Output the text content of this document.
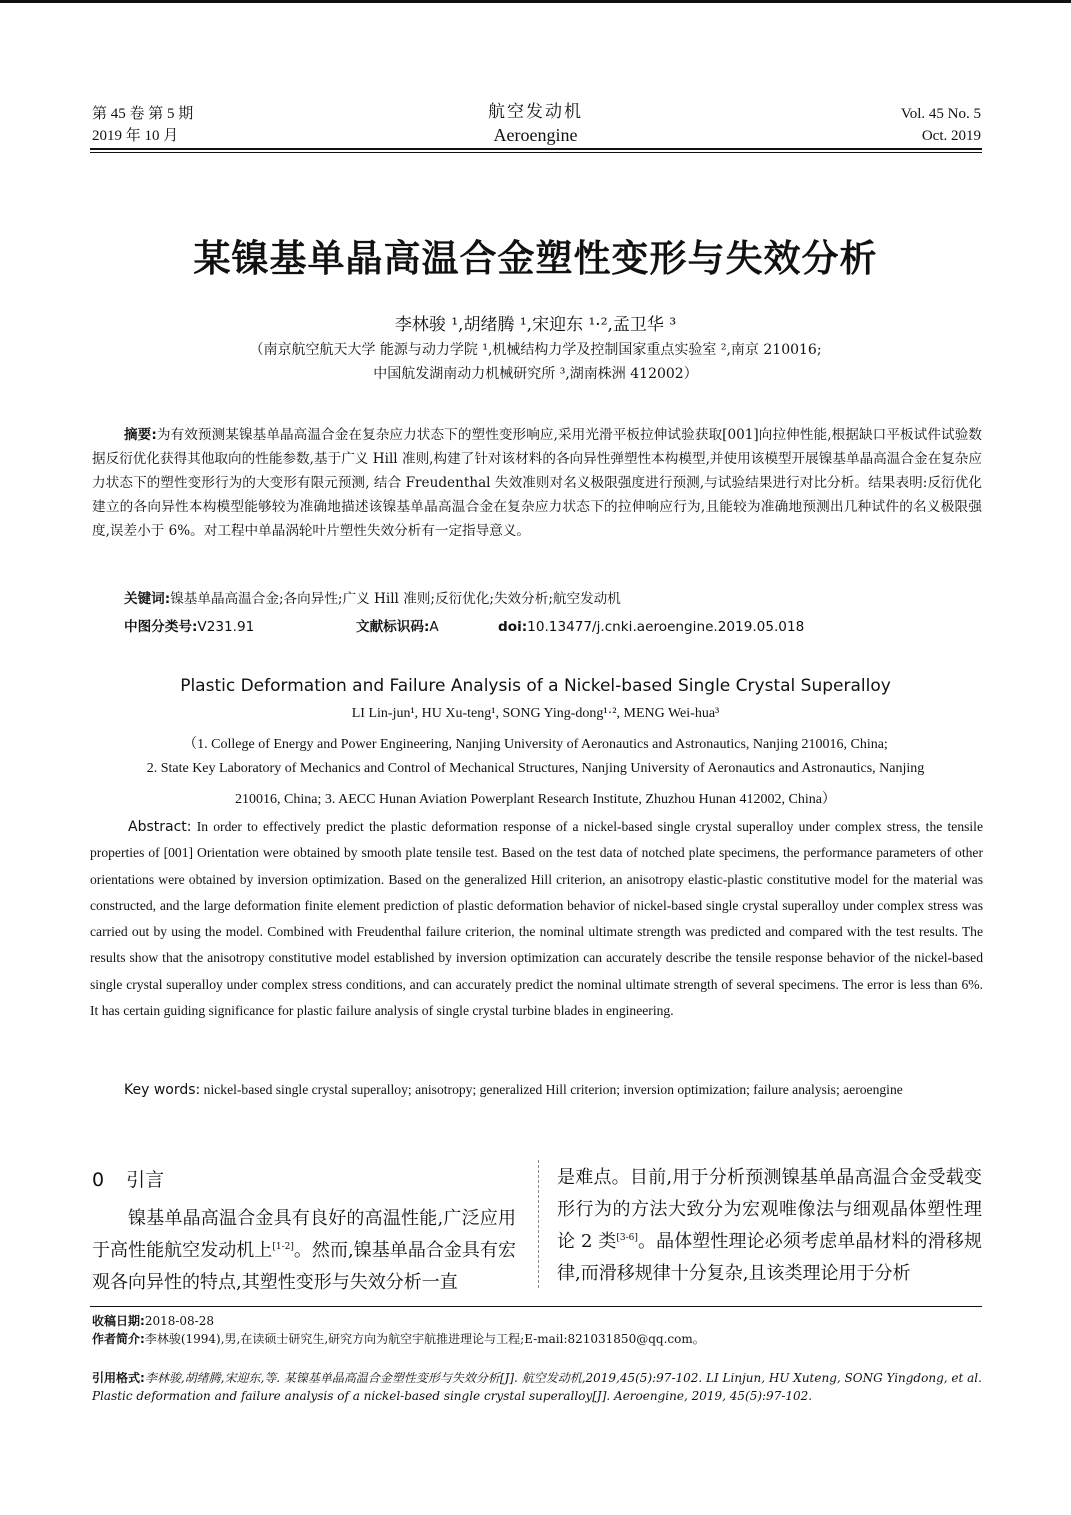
第 45 卷 第 5 期
2019 年 10 月
航空发动机
Aeroengine
Vol. 45 No. 5
Oct. 2019
某镍基单晶高温合金塑性变形与失效分析
李林骏 ¹,胡绪腾 ¹,宋迎东 ¹·²,孟卫华 ³
（南京航空航天大学 能源与动力学院 ¹,机械结构力学及控制国家重点实验室 ²,南京 210016;
中国航发湖南动力机械研究所 ³,湖南株洲 412002）
摘要:为有效预测某镍基单晶高温合金在复杂应力状态下的塑性变形响应,采用光滑平板拉伸试验获取[001]向拉伸性能,根据缺口平板试件试验数据反衍优化获得其他取向的性能参数,基于广义 Hill 准则,构建了针对该材料的各向异性弹塑性本构模型,并使用该模型开展镍基单晶高温合金在复杂应力状态下的塑性变形行为的大变形有限元预测, 结合 Freudenthal 失效准则对名义极限强度进行预测,与试验结果进行对比分析。结果表明:反衍优化建立的各向异性本构模型能够较为准确地描述该镍基单晶高温合金在复杂应力状态下的拉伸响应行为,且能较为准确地预测出几种试件的名义极限强度,误差小于 6%。对工程中单晶涡轮叶片塑性失效分析有一定指导意义。
关键词:镍基单晶高温合金;各向异性;广义 Hill 准则;反衍优化;失效分析;航空发动机
中图分类号:V231.91	文献标识码:A	doi:10.13477/j.cnki.aeroengine.2019.05.018
Plastic Deformation and Failure Analysis of a Nickel-based Single Crystal Superalloy
LI Lin-jun¹, HU Xu-teng¹, SONG Ying-dong¹·², MENG Wei-hua³
（1. College of Energy and Power Engineering, Nanjing University of Aeronautics and Astronautics, Nanjing 210016, China;
2. State Key Laboratory of Mechanics and Control of Mechanical Structures, Nanjing University of Aeronautics and Astronautics, Nanjing
210016, China; 3. AECC Hunan Aviation Powerplant Research Institute, Zhuzhou Hunan 412002, China）
Abstract: In order to effectively predict the plastic deformation response of a nickel-based single crystal superalloy under complex stress, the tensile properties of [001] Orientation were obtained by smooth plate tensile test. Based on the test data of notched plate specimens, the performance parameters of other orientations were obtained by inversion optimization. Based on the generalized Hill criterion, an anisotropy elastic-plastic constitutive model for the material was constructed, and the large deformation finite element prediction of plastic deformation behavior of nickel-based single crystal superalloy under complex stress was carried out by using the model. Combined with Freudenthal failure criterion, the nominal ultimate strength was predicted and compared with the test results. The results show that the anisotropy constitutive model established by inversion optimization can accurately describe the tensile response behavior of the nickel-based single crystal superalloy under complex stress conditions, and can accurately predict the nominal ultimate strength of several specimens. The error is less than 6%. It has certain guiding significance for plastic failure analysis of single crystal turbine blades in engineering.
Key words: nickel-based single crystal superalloy; anisotropy; generalized Hill criterion; inversion optimization; failure analysis; aeroengine
0 引言
镍基单晶高温合金具有良好的高温性能,广泛应用于高性能航空发动机上[1-2]。然而,镍基单晶合金具有宏观各向异性的特点,其塑性变形与失效分析一直
是难点。目前,用于分析预测镍基单晶高温合金受载变形行为的方法大致分为宏观唯像法与细观晶体塑性理论 2 类[3-6]。晶体塑性理论必须考虑单晶材料的滑移规律,而滑移规律十分复杂,且该类理论用于分析
收稿日期:2018-08-28
作者简介:李林骏(1994),男,在读硕士研究生,研究方向为航空宇航推进理论与工程;E-mail:821031850@qq.com。
引用格式:李林骏,胡绪腾,宋迎东,等. 某镍基单晶高温合金塑性变形与失效分析[J]. 航空发动机,2019,45(5):97-102. LI Linjun, HU Xuteng, SONG Yingdong, et al. Plastic deformation and failure analysis of a nickel-based single crystal superalloy[J]. Aeroengine, 2019, 45(5):97-102.
